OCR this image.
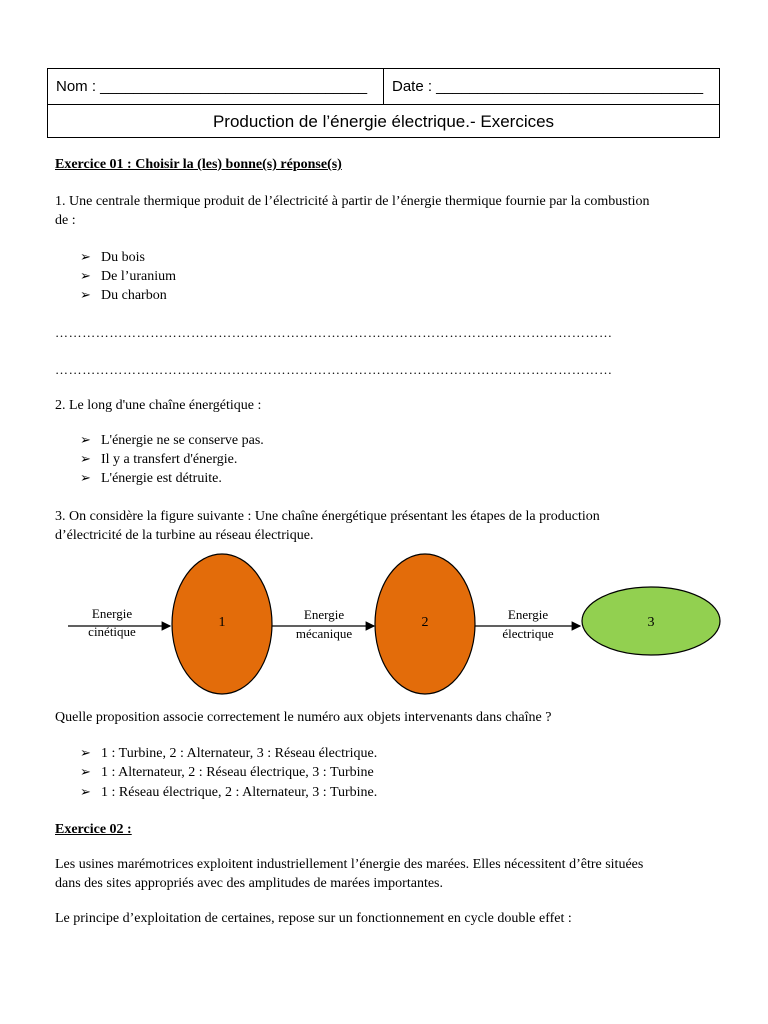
Nom : ________________________________	Date : ________________________________
Production de l’énergie électrique.- Exercices
Exercice 01 : Choisir la (les) bonne(s) réponse(s)
1. Une centrale thermique produit de l’électricité à partir de l’énergie thermique fournie par la combustion
de :
➢ Du bois
➢ De l’uranium
➢ Du charbon
……………………………………………………………………………………………………………
……………………………………………………………………………………………………………
2. Le long d'une chaîne énergétique :
➢ L'énergie ne se conserve pas.
➢ Il y a transfert d'énergie.
➢ L'énergie est détruite.
3. On considère la figure suivante : Une chaîne énergétique présentant les étapes de la production
d’électricité de la turbine au réseau électrique.
Energie
cinétique
1
Energie
mécanique
2
Energie
électrique
3
Quelle proposition associe correctement le numéro aux objets intervenants dans chaîne ?
➢ 1 : Turbine, 2 : Alternateur, 3 : Réseau électrique.
➢ 1 : Alternateur, 2 : Réseau électrique, 3 : Turbine
➢ 1 : Réseau électrique, 2 : Alternateur, 3 : Turbine.
Exercice 02 :
Les usines marémotrices exploitent industriellement l’énergie des marées. Elles nécessitent d’être situées
dans des sites appropriés avec des amplitudes de marées importantes.
Le principe d’exploitation de certaines, repose sur un fonctionnement en cycle double effet :
